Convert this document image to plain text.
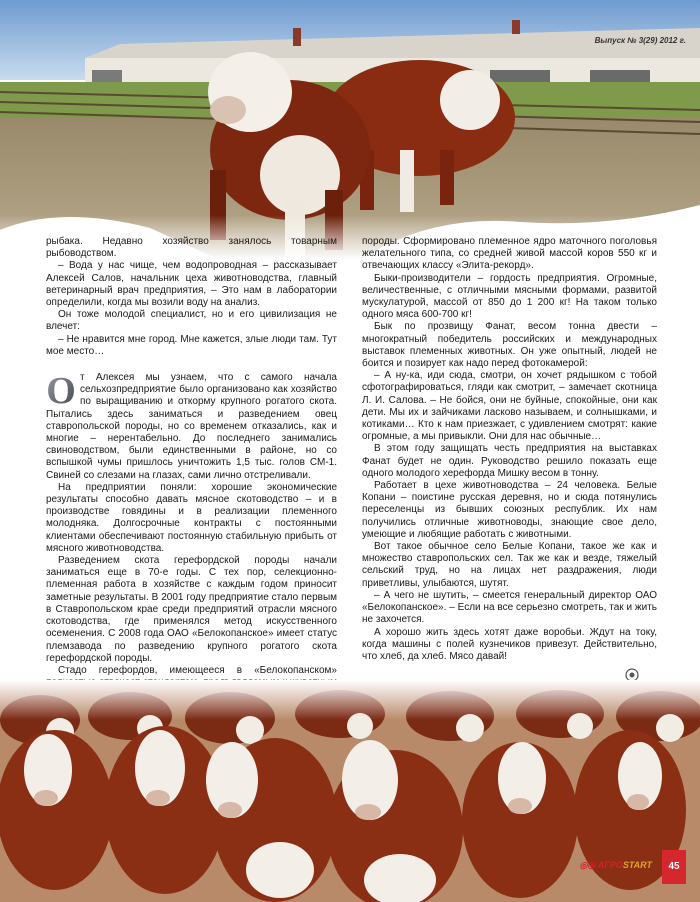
Выпуск № 3(29) 2012 г.

рыбака. Недавно хозяйство занялось товарным рыбоводством.

– Вода у нас чище, чем водопроводная – рассказывает Алексей Салов, начальник цеха животноводства, главный ветеринарный врач предприятия, – Это нам в лаборатории определили, когда мы возили воду на анализ.

Он тоже молодой специалист, но и его цивилизация не влечет:

– Не нравится мне город. Мне кажется, злые люди там. Тут мое место…

О т Алексея мы узнаем, что с самого начала сельхозпредприятие было организовано как хозяйство по выращиванию и откорму крупного рогатого скота. Пытались здесь заниматься и разведением овец ставропольской породы, но со временем отказались, как и многие – нерентабельно. До последнего занимались свиноводством, были единственными в районе, но со вспышкой чумы пришлось уничтожить 1,5 тыс. голов СМ-1. Свиней со слезами на глазах, сами лично отстреливали.

На предприятии поняли: хорошие экономические результаты способно давать мясное скотоводство – и в производстве говядины и в реализации племенного молодняка. Долгосрочные контракты с постоянными клиентами обеспечивают постоянную стабильную прибыть от мясного животноводства.

Разведением скота герефордской породы начали заниматься еще в 70-е годы. С тех пор, селекционно-племенная работа в хозяйстве с каждым годом приносит заметные результаты. В 2001 году предприятие стало первым в Ставропольском крае среди предприятий отрасли мясного скотоводства, где применялся метод искусственного осеменения. С 2008 года ОАО «Белокопанское» имеет статус племзавода по разведению крупного рогатого скота герефордской породы.

Стадо герефордов, имеющееся в «Белокопанском»

породы. Сформировано племенное ядро маточного поголовья желательного типа, со средней живой массой коров 550 кг и отвечающих классу «Элита-рекорд».

Быки-производители – гордость предприятия. Огромные, величественные, с отличными мясными формами, развитой мускулатурой, массой от 850 до 1 200 кг! На таком только одного мяса 600-700 кг!

Бык по прозвищу Фанат, весом тонна двести – многократный победитель российских и международных выставок племенных животных. Он уже опытный, людей не боится и позирует как надо перед фотокамерой:

– А ну-ка, иди сюда, смотри, он хочет рядышком с тобой сфотографироваться, гляди как смотрит, – замечает скотница Л. И. Салова. – Не бойся, они не буйные, спокойные, они как дети. Мы их и зайчиками ласково называем, и солнышками, и котиками… Кто к нам приезжает, с удивлением смотрят: какие огромные, а мы привыкли. Они для нас обычные…

В этом году защищать честь предприятия на выставках Фанат будет не один. Руководство решило показать еще одного молодого херефорда Мишку весом в тонну.

Работает в цехе животноводства – 24 человека. Белые Копани – поистине русская деревня, но и сюда потянулись переселенцы из бывших союзных республик. Их нам получились отличные животноводы, знающие свое дело, умеющие и любящие работать с животными.

Вот такое обычное село Белые Копани, такое же как и множество ставропольских сел. Так же как и везде, тяжелый сельский труд, но на лицах нет раздражения, люди приветливы, улыбаются, шутят.

– А чего не шутить, – смеется генеральный директор ОАО «Белокопанское». – Если на все серьезно смотреть, так и жить не захочется.

А хорошо жить здесь хотят даже воробьи. Ждут на току, когда машины с полей кузнечиков привезут. Действительно, что хлеб, да хлеб. Мясо давай!

◎◎ АГРОSTART	45
